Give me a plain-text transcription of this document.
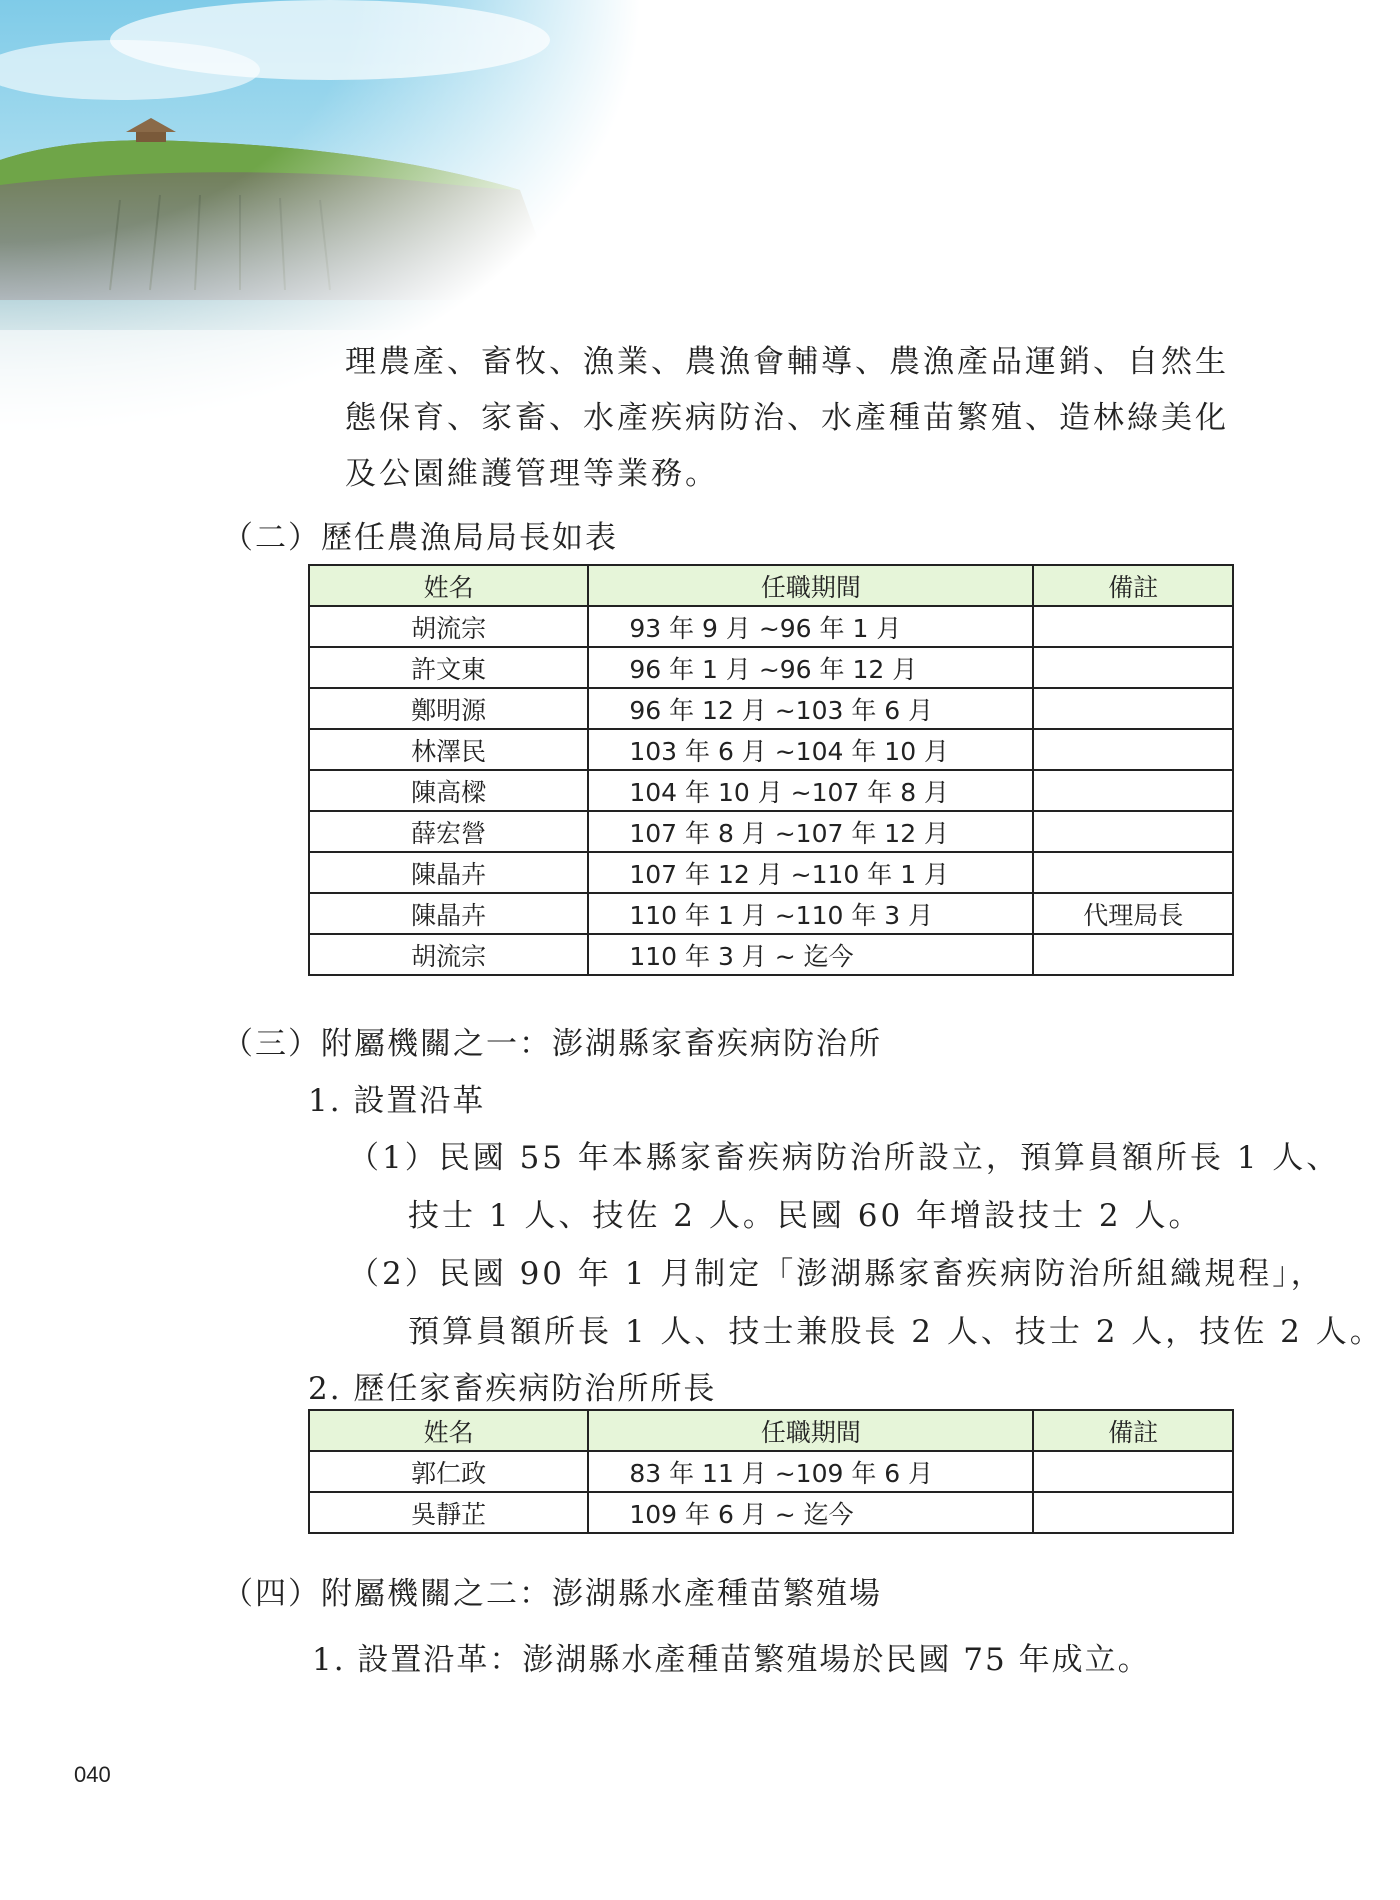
理農產、畜牧、漁業、農漁會輔導、農漁產品運銷、自然生態保育、家畜、水產疾病防治、水產種苗繁殖、造林綠美化及公園維護管理等業務。
（二）歷任農漁局局長如表
姓名	任職期間	備註
胡流宗	93 年 9 月 ~96 年 1 月	
許文東	96 年 1 月 ~96 年 12 月	
鄭明源	96 年 12 月 ~103 年 6 月	
林澤民	103 年 6 月 ~104 年 10 月	
陳高樑	104 年 10 月 ~107 年 8 月	
薛宏營	107 年 8 月 ~107 年 12 月	
陳晶卉	107 年 12 月 ~110 年 1 月	
陳晶卉	110 年 1 月 ~110 年 3 月	代理局長
胡流宗	110 年 3 月 ~ 迄今	
（三）附屬機關之一：澎湖縣家畜疾病防治所
1. 設置沿革
（1）民國 55 年本縣家畜疾病防治所設立，預算員額所長 1 人、
技士 1 人、技佐 2 人。民國 60 年增設技士 2 人。
（2）民國 90 年 1 月制定「澎湖縣家畜疾病防治所組織規程」，
預算員額所長 1 人、技士兼股長 2 人、技士 2 人，技佐 2 人。
2. 歷任家畜疾病防治所所長
姓名	任職期間	備註
郭仁政	83 年 11 月 ~109 年 6 月	
吳靜芷	109 年 6 月 ~ 迄今	
（四）附屬機關之二：澎湖縣水產種苗繁殖場
1. 設置沿革：澎湖縣水產種苗繁殖場於民國 75 年成立。
040
